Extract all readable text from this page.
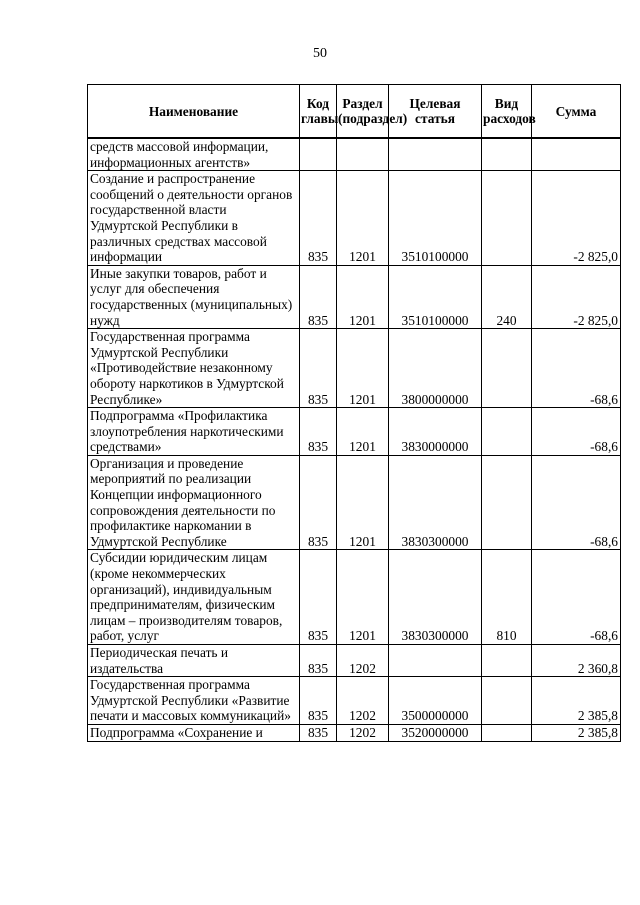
50
Наименование	Код главы	Раздел (подраздел)	Целевая статья	Вид расходов	Сумма
средств массовой информации, информационных агентств»					
Создание и распространение сообщений о деятельности органов государственной власти Удмуртской Республики в различных средствах массовой информации	835	1201	3510100000		-2 825,0
Иные закупки товаров, работ и услуг для обеспечения государственных (муниципальных) нужд	835	1201	3510100000	240	-2 825,0
Государственная программа Удмуртской Республики «Противодействие незаконному обороту наркотиков в Удмуртской Республике»	835	1201	3800000000		-68,6
Подпрограмма «Профилактика злоупотребления наркотическими средствами»	835	1201	3830000000		-68,6
Организация и проведение мероприятий по реализации Концепции информационного сопровождения деятельности по профилактике наркомании в Удмуртской Республике	835	1201	3830300000		-68,6
Субсидии юридическим лицам (кроме некоммерческих организаций), индивидуальным предпринимателям, физическим лицам – производителям товаров, работ, услуг	835	1201	3830300000	810	-68,6
Периодическая печать и издательства	835	1202			2 360,8
Государственная программа Удмуртской Республики «Развитие печати и массовых коммуникаций»	835	1202	3500000000		2 385,8
Подпрограмма «Сохранение и	835	1202	3520000000		2 385,8
